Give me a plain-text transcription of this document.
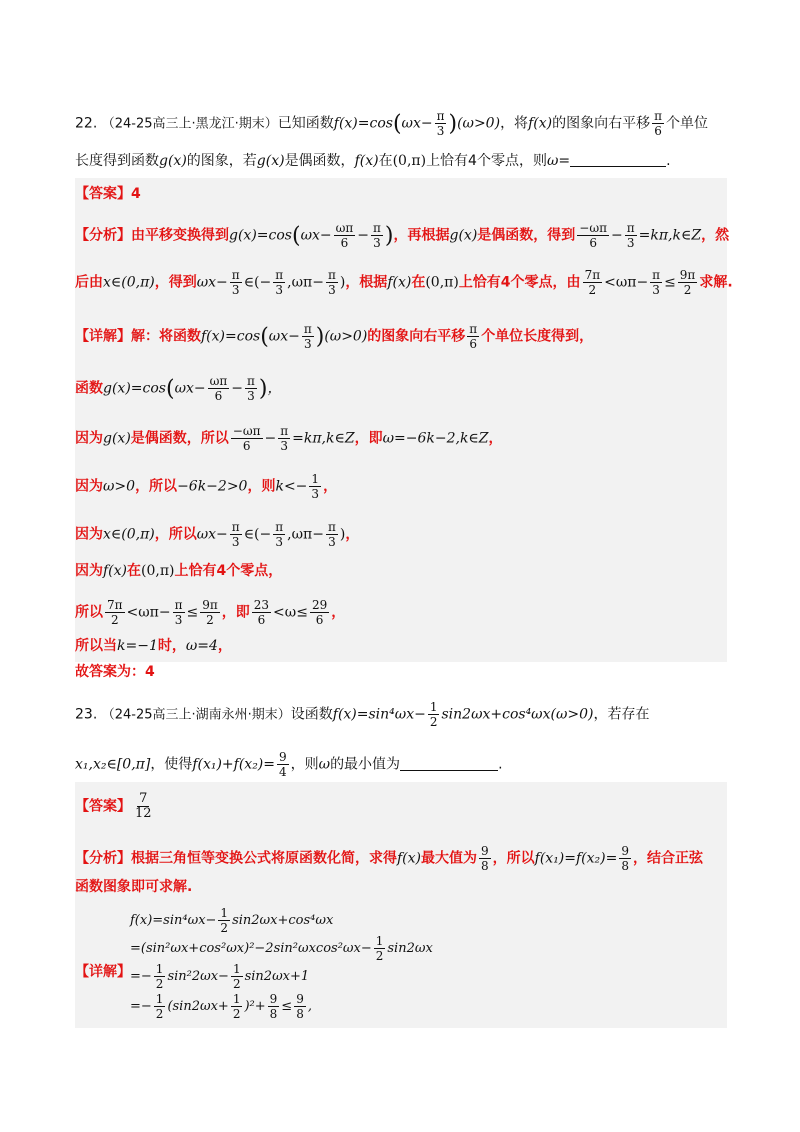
22. （24-25高三上·黑龙江·期末）已知函数$f(x)=\cos(\omega x- \frac{\pi}{3} )(\omega>0)$，将f(x)的图象向右平移 $\frac{\pi}{6}$ 个单位
长度得到函数g(x)的图象，若g(x)是偶函数，f(x)在(0,π)上恰有4个零点，则ω=	.
【答案】4
【分析】由平移变换得到$g(x)=\cos(\omega x- \frac{\omega\pi}{6} - \frac{\pi}{3}$ )，再根据g(x)是偶函数，得到 $\frac{-\omega\pi}{6} - \frac{\pi}{3}$ =kπ,k∈Z，然
后由x∈(0,π)，得到$\omega x- \frac{\pi}{3}$ ∈(− $\frac{\pi}{3} ,\omega\pi- \frac{\pi}{3}$ )，根据f(x)在(0,π)上恰有4个零点，由 $\frac{7\pi}{2} <\omega\pi- \frac{\pi}{3} \le \frac{9\pi}{2}$ 求解.
【详解】解：将函数$f(x)=\cos(\omega x- \frac{\pi}{3} )(\omega>0)$的图象向右平移 $\frac{\pi}{6}$ 个单位长度得到，
函数$g(x)=\cos(\omega x- \frac{\omega\pi}{6} - \frac{\pi}{3}$ )，
因为g(x)是偶函数，所以 $\frac{-\omega\pi}{6} - \frac{\pi}{3}$ =kπ,k∈Z，即ω=−6k−2,k∈Z，
因为ω>0，所以−6k−2>0，则$k<- \frac{1}{3}$ ，
因为x∈(0,π)，所以$\omega x- \frac{\pi}{3}$ ∈(− $\frac{\pi}{3} ,\omega\pi- \frac{\pi}{3}$ )，
因为f(x)在(0,π)上恰有4个零点，
所以 $\frac{7\pi}{2} <\omega\pi- \frac{\pi}{3} \le \frac{9\pi}{2}$ ，即 $\frac{23}{6} <\omega\le \frac{29}{6}$ ，
所以当k=−1时，ω=4，
故答案为：4
23. （24-25高三上·湖南永州·期末）设函数$f(x)=\sin^4\omega x- \frac{1}{2} \sin 2\omega x+\cos^4\omega x(\omega>0)$，若存在
x₁,x₂∈[0,π]，使得$f(x_1)+f(x_2)= \frac{9}{4}$ ，则ω的最小值为	.
【答案】 $\frac{7}{12}$
【分析】根据三角恒等变换公式将原函数化简，求得f(x)最大值为 $\frac{9}{8}$ ，所以$f(x_1)=f(x_2)= \frac{9}{8}$ ，结合正弦
函数图象即可求解.
$f(x)=\sin^4\omega x- \frac{1}{2} \sin 2\omega x+\cos^4\omega x$
$=(\sin^2\omega x+\cos^2\omega x)^2-2\sin^2\omega xcos^2\omega x- \frac{1}{2} \sin 2\omega x$
【详解】 =− $\frac{1}{2} \sin^22\omega x- \frac{1}{2} \sin 2\omega x+1$
=− $\frac{1}{2} (\sin 2\omega x+ \frac{1}{2} )^2+ \frac{9}{8} \le \frac{9}{8}$ ,
